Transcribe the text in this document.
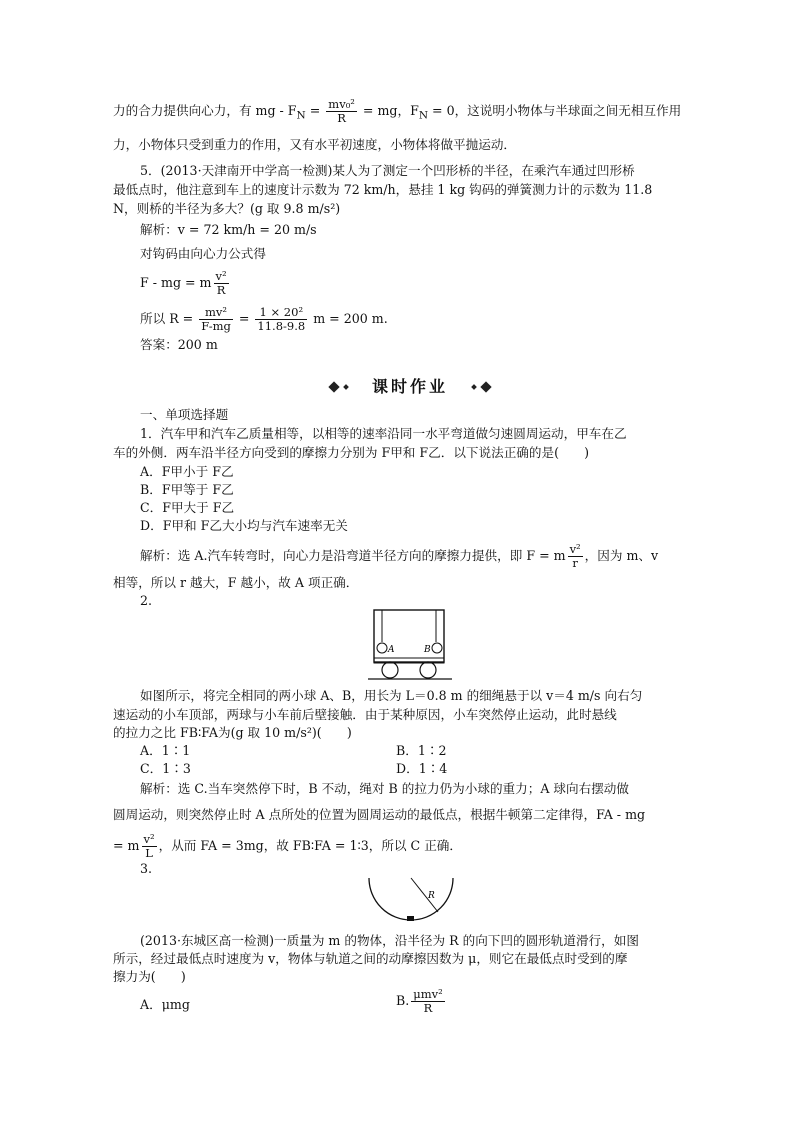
力的合力提供向心力，有 mg - $F_N = \frac{\text{mv₀²}}{R}$ = mg，$F_N = 0$，这说明小物体与半球面之间无相互作用
力，小物体只受到重力的作用，又有水平初速度，小物体将做平抛运动．
5．(2013·天津南开中学高一检测)某人为了测定一个凹形桥的半径，在乘汽车通过凹形桥
最低点时，他注意到车上的速度计示数为 72 km/h，悬挂 1 kg 钩码的弹簧测力计的示数为 11.8
N，则桥的半径为多大？(g 取 9.8 m/s²)
解析：v = 72 km/h = 20 m/s
对钩码由向心力公式得
F - mg = m $\frac{\text{v²}}{R}$
所以 $R = \frac{\text{mv²}}{F-mg} = \frac{\text{1 × 20²}}{11.8-9.8}$ m = 200 m.
答案：200 m
课时作业
一、单项选择题
1．汽车甲和汽车乙质量相等，以相等的速率沿同一水平弯道做匀速圆周运动，甲车在乙
车的外侧．两车沿半径方向受到的摩擦力分别为 F甲和 F乙．以下说法正确的是(　　)
A．F甲小于 F乙
B．F甲等于 F乙
C．F甲大于 F乙
D．F甲和 F乙大小均与汽车速率无关
解析：选 A.汽车转弯时，向心力是沿弯道半径方向的摩擦力提供，即 F = m $\frac{\text{v²}}{r}$ ，因为 m、v
相等，所以 r 越大，F 越小，故 A 项正确．
2.
A	B
如图所示，将完全相同的两小球 A、B，用长为 L＝0.8 m 的细绳悬于以 v＝4 m/s 向右匀
速运动的小车顶部，两球与小车前后壁接触．由于某种原因，小车突然停止运动，此时悬线
的拉力之比 FB∶FA为(g 取 10 m/s²)(　　)
A．1∶1	B．1∶2
C．1∶3	D．1∶4
解析：选 C.当车突然停下时，B 不动，绳对 B 的拉力仍为小球的重力；A 球向右摆动做
圆周运动，则突然停止时 A 点所处的位置为圆周运动的最低点，根据牛顿第二定律得，FA - mg
= m $\frac{\text{v²}}{L}$ ，从而 FA = 3mg，故 FB∶FA = 1∶3，所以 C 正确．
3.
R
(2013·东城区高一检测)一质量为 m 的物体，沿半径为 R 的向下凹的圆形轨道滑行，如图
所示，经过最低点时速度为 v，物体与轨道之间的动摩擦因数为 μ，则它在最低点时受到的摩
擦力为(　　)
A．μmg	B. $\frac{\text{μmv²}}{R}$
